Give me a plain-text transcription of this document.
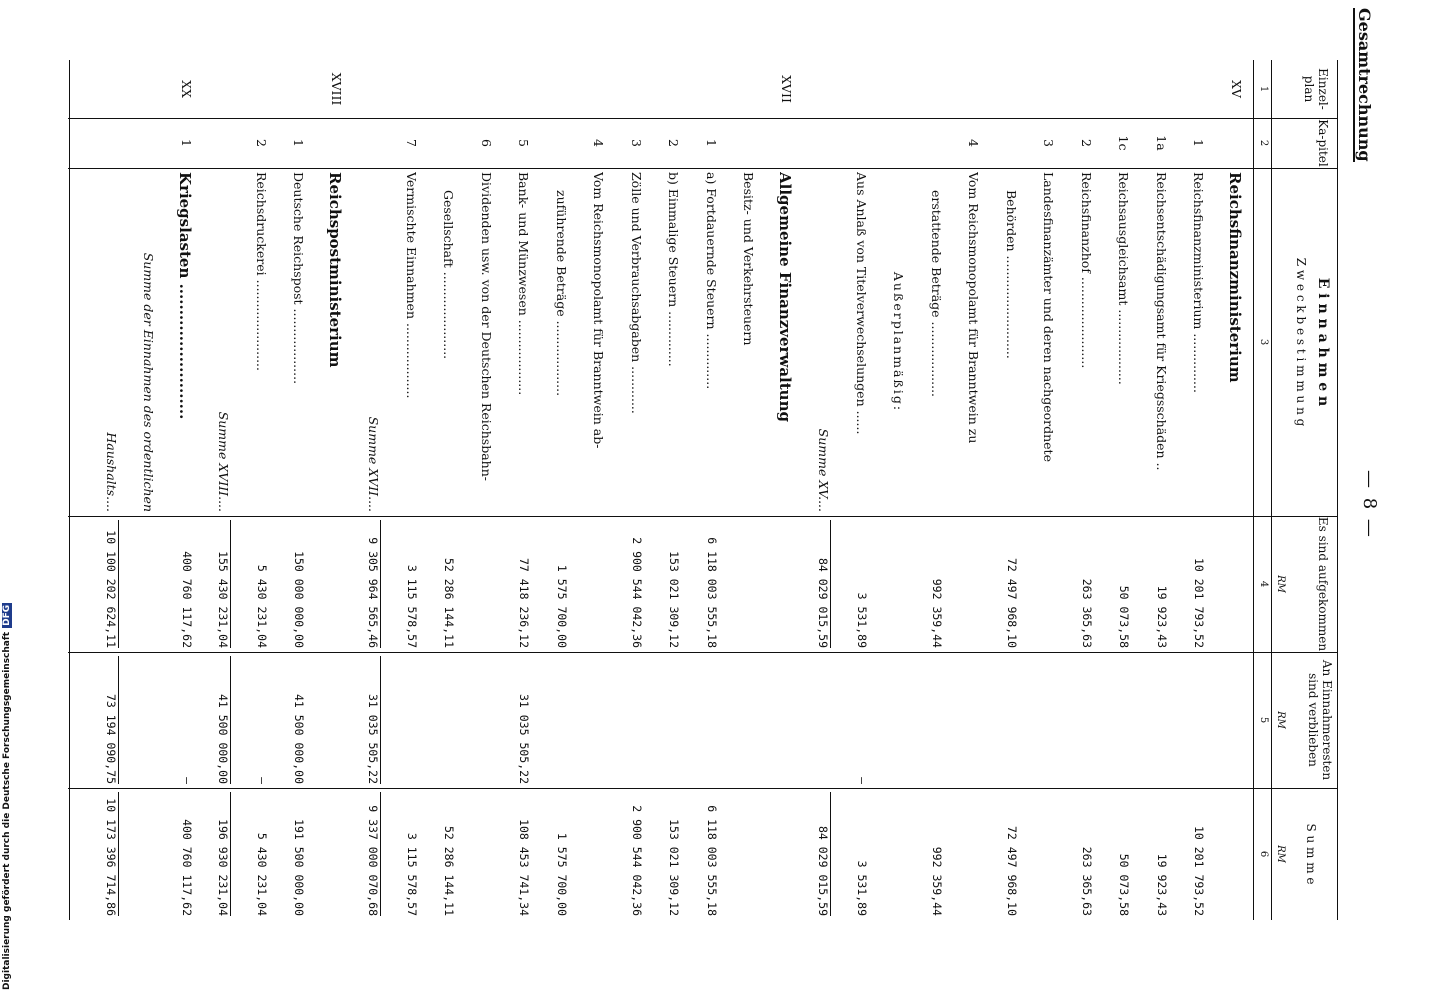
Gesamtrechnung
— 8 —
Einzel-plan
Ka-pitel
E i n n a h m e n
Z w e c k b e s t i m m u n g
Es sind aufgekommen
An Einnahmeresten sind verblieben
S u m m e
RM
RM
RM
1
2
3
4
5
6
XV
Reichsfinanzministerium
1
Reichsfinanzministerium ...............
10 201 793,52
10 201 793,52
1a
Reichsentschädigungsamt für Kriegsschäden ..
19 923,43
19 923,43
1c
Reichsausgleichsamt ...................
50 073,58
50 073,58
2
Reichsfinanzhof .......................
263 365,63
263 365,63
3
Landesfinanzämter und deren nachgeordnete
Behörden ..........................
72 497 968,10
72 497 968,10
4
Vom Reichsmonopolamt für Branntwein zu
erstattende Beträge ...................
992 359,44
992 359,44
Außerplanmäßig:
Aus Anlaß von Titelverwechselungen ......
3 531,89
—
3 531,89
Summe XV....
84 029 015,59
84 029 015,59
XVII
Allgemeine Finanzverwaltung
Besitz- und Verkehrsteuern
1
a) Fortdauernde Steuern ..............
6 118 003 555,18
6 118 003 555,18
2
b) Einmalige Steuern ..............
153 021 309,12
153 021 309,12
3
Zölle und Verbrauchsabgaben ............
2 900 544 042,36
2 900 544 042,36
4
Vom Reichsmonopolamt für Branntwein ab-
zuführende Beträge ...................
1 575 700,00
1 575 700,00
5
Bank- und Münzwesen ...................
77 418 236,12
31 035 505,22
108 453 741,34
6
Dividenden usw. von der Deutschen Reichsbahn-
Gesellschaft ......................
52 286 144,11
52 286 144,11
7
Vermischte Einnahmen ...................
3 115 578,57
3 115 578,57
Summe XVII....
9 305 964 565,46
31 035 505,22
9 337 000 070,68
XVIII
Reichspostministerium
1
Deutsche Reichspost ...................
150 000 000,00
41 500 000,00
191 500 000,00
2
Reichsdruckerei .......................
5 430 231,04
—
5 430 231,04
Summe XVIII....
155 430 231,04
41 500 000,00
196 930 231,04
XX
1
Kriegslasten ..........................
400 760 117,62
—
400 760 117,62
Summe der Einnahmen des ordentlichen
Haushalts....
10 100 202 624,11
73 194 090,75
10 173 396 714,86
Digitalisierung gefördert durch die Deutsche ForschungsgemeinschaftDFG
